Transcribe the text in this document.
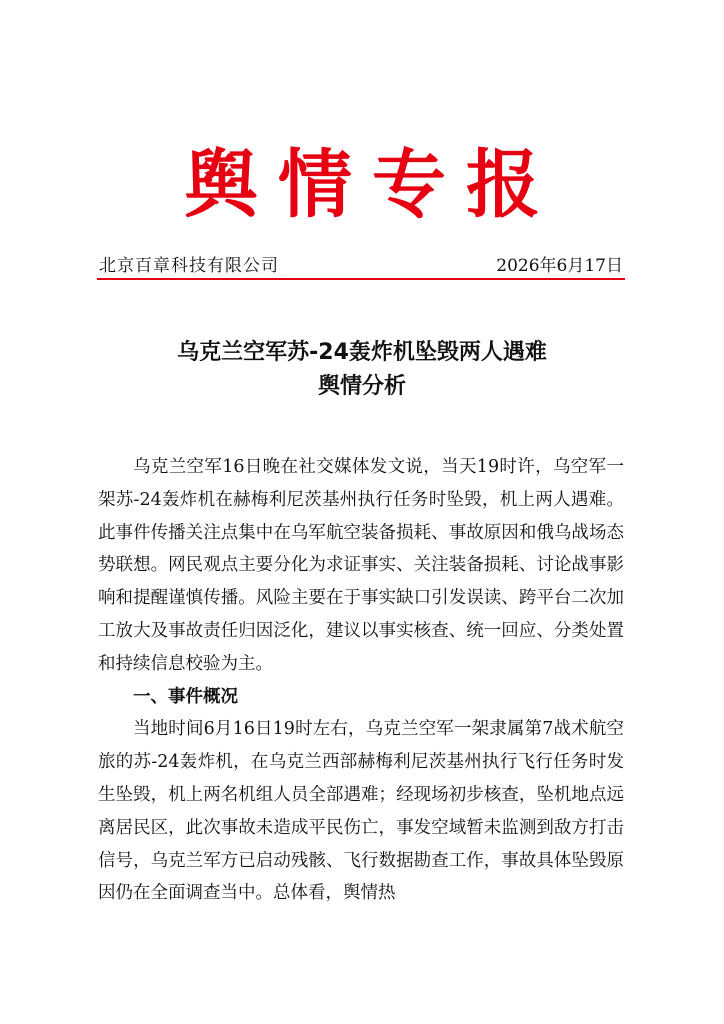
舆情专报
北京百章科技有限公司	2026年6月17日
乌克兰空军苏-24轰炸机坠毁两人遇难
舆情分析

乌克兰空军16日晚在社交媒体发文说，当天19时许，乌空军一架苏-24轰炸机在赫梅利尼茨基州执行任务时坠毁，机上两人遇难。此事件传播关注点集中在乌军航空装备损耗、事故原因和俄乌战场态势联想。网民观点主要分化为求证事实、关注装备损耗、讨论战事影响和提醒谨慎传播。风险主要在于事实缺口引发误读、跨平台二次加工放大及事故责任归因泛化，建议以事实核查、统一回应、分类处置和持续信息校验为主。

一、事件概况

当地时间6月16日19时左右，乌克兰空军一架隶属第7战术航空旅的苏-24轰炸机，在乌克兰西部赫梅利尼茨基州执行飞行任务时发生坠毁，机上两名机组人员全部遇难；经现场初步核查，坠机地点远离居民区，此次事故未造成平民伤亡，事发空域暂未监测到敌方打击信号，乌克兰军方已启动残骸、飞行数据勘查工作，事故具体坠毁原因仍在全面调查当中。总体看，舆情热
